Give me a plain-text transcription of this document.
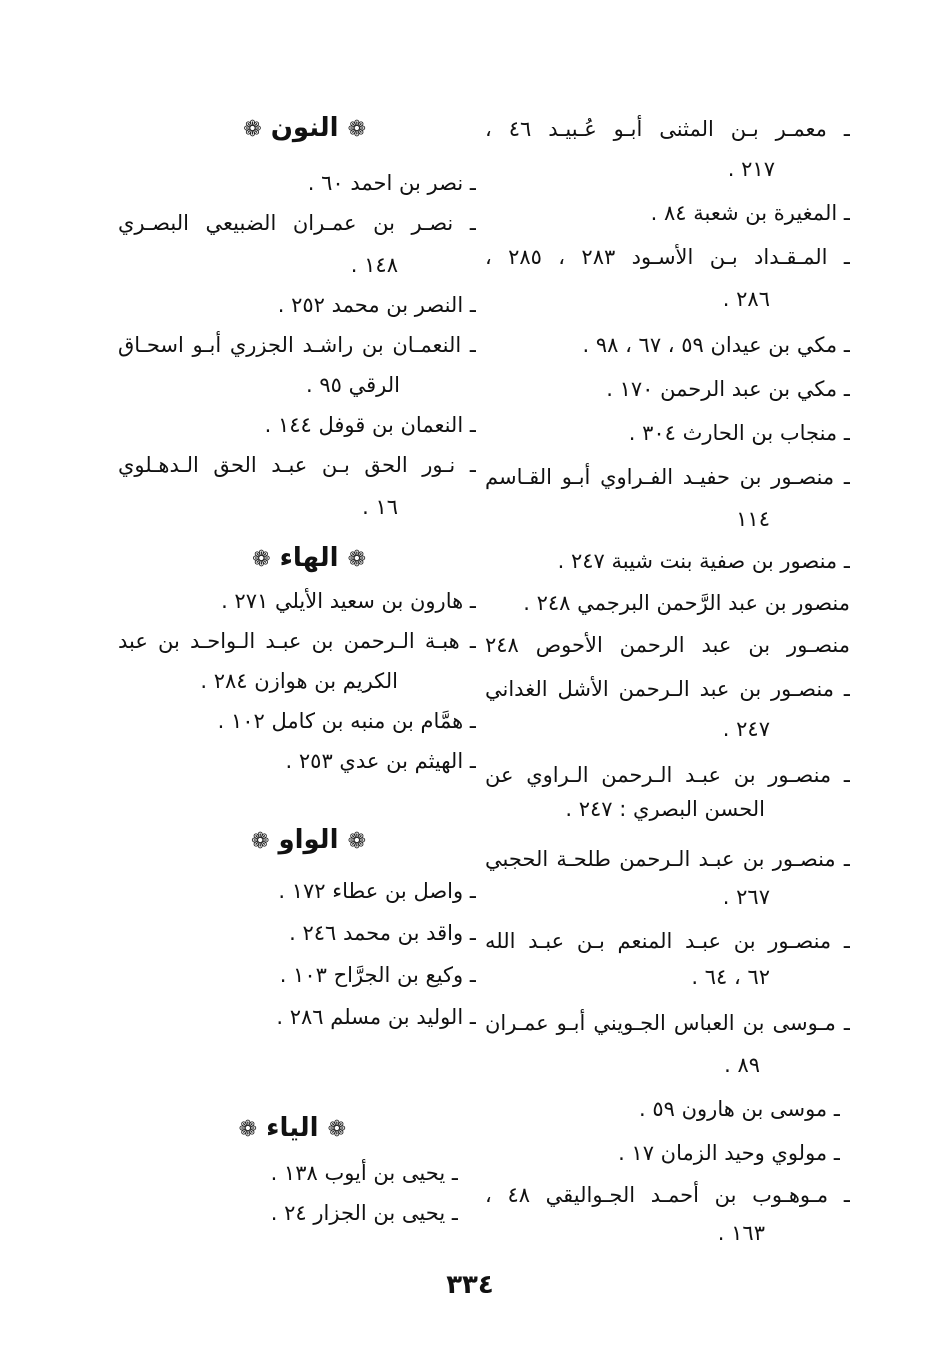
ـ معمـر بـن المثنى أبـو عُـبيـد ٤٦ ،
٢١٧ .
ـ المغيرة بن شعبة ٨٤ .
ـ المـقـداد بـن الأسـود ٢٨٣ ، ٢٨٥ ،
٢٨٦ .
ـ مكي بن عيدان ٥٩ ، ٦٧ ، ٩٨ .
ـ مكي بن عبد الرحمن ١٧٠ .
ـ منجاب بن الحارث ٣٠٤ .
ـ منصـور بن حفيـد الفـراوي أبـو القـاسم
١١٤
ـ منصور بن صفية بنت شيبة ٢٤٧ .
منصور بن عبد الرَّحمن البرجمي ٢٤٨ .
منصـور بن عبد الرحمن الأحوص ٢٤٨
ـ منصـور بن عبد الـرحمن الأشل الغداني
٢٤٧ .
ـ منصـور بن عبـد الـرحمن الـراوي عن
الحسن البصري : ٢٤٧ .
ـ منصـور بن عبـد الـرحمن طلحـة الحجبي
٢٦٧ .
ـ منصـور بن عبـد المنعم بـن عبـد الله
٦٢ ، ٦٤ .
ـ مـوسى بن العباس الجـويني أبـو عمـران
٨٩ .
ـ موسى بن هارون ٥٩ .
ـ مولوي وحيد الزمان ١٧ .
ـ مـوهـوب بن أحمـد الجـواليقي ٤٨ ،
١٦٣ .
❁ النون ❁
ـ نصر بن احمد ٦٠ .
ـ نصـر بن عمـران الضبيعي البصـري
١٤٨ .
ـ النصر بن محمد ٢٥٢ .
ـ النعمـان بن راشـد الجزري أبـو اسحـاق
الرقي ٩٥ .
ـ النعمان بن قوفل ١٤٤ .
ـ نـور الحق بـن عبـد الحق الـدهـلوي
١٦ .
❁ الهاء ❁
ـ هارون بن سعيد الأيلي ٢٧١ .
ـ هبـة الـرحمن بن عبـد الـواحـد بن عبد
الكريم بن هوازن ٢٨٤ .
ـ همَّام بن منبه بن كامل ١٠٢ .
ـ الهيثم بن عدي ٢٥٣ .
❁ الواو ❁
ـ واصل بن عطاء ١٧٢ .
ـ واقد بن محمد ٢٤٦ .
ـ وكيع بن الجرَّاح ١٠٣ .
ـ الوليد بن مسلم ٢٨٦ .
❁ الياء ❁
ـ يحيى بن أيوب ١٣٨ .
ـ يحيى بن الجزار ٢٤ .
٣٣٤
